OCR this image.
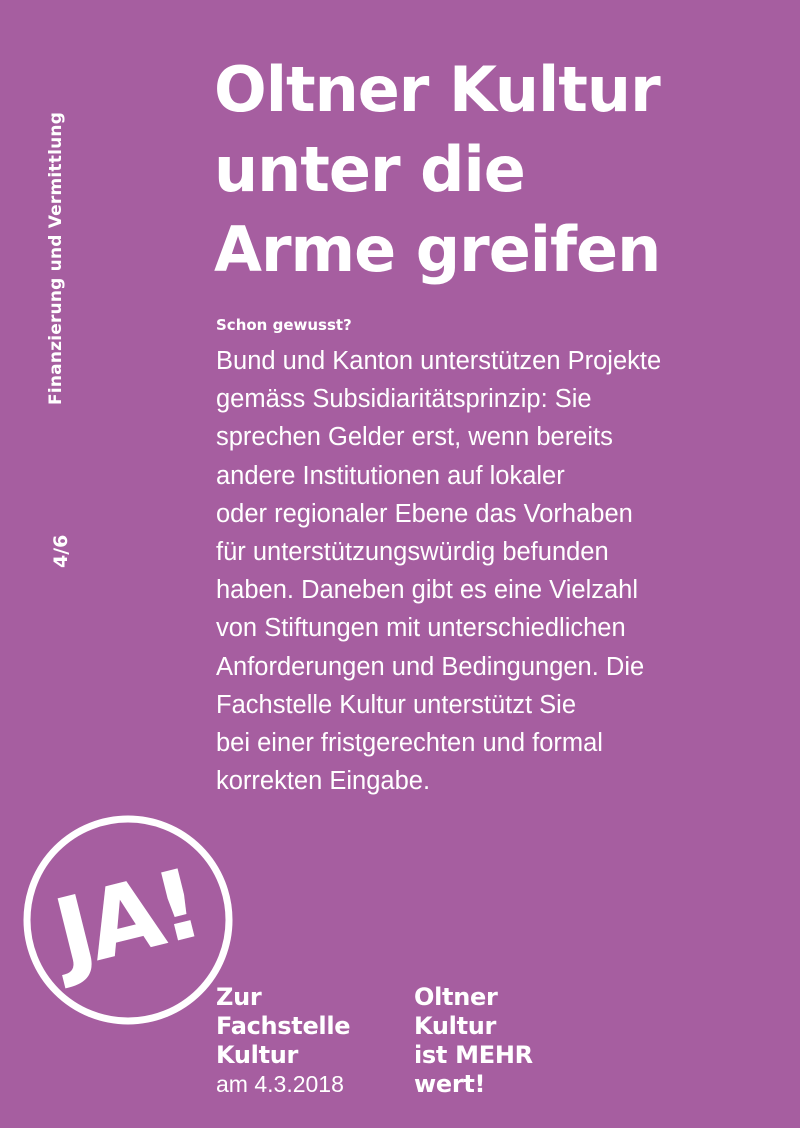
Finanzierung und Vermittlung
4/6
Oltner Kultur
unter die
Arme greifen

Schon gewusst?

Bund und Kanton unterstützen Projekte
gemäss Subsidiaritätsprinzip: Sie
sprechen Gelder erst, wenn bereits
andere Institutionen auf lokaler
oder regionaler Ebene das Vorhaben
für unterstützungswürdig befunden
haben. Daneben gibt es eine Vielzahl
von Stiftungen mit unterschiedlichen
Anforderungen und Bedingungen. Die
Fachstelle Kultur unterstützt Sie
bei einer fristgerechten und formal
korrekten Eingabe.
JA!
Zur
Fachstelle
Kultur
am 4.3.2018
Oltner
Kultur
ist MEHR
wert!
